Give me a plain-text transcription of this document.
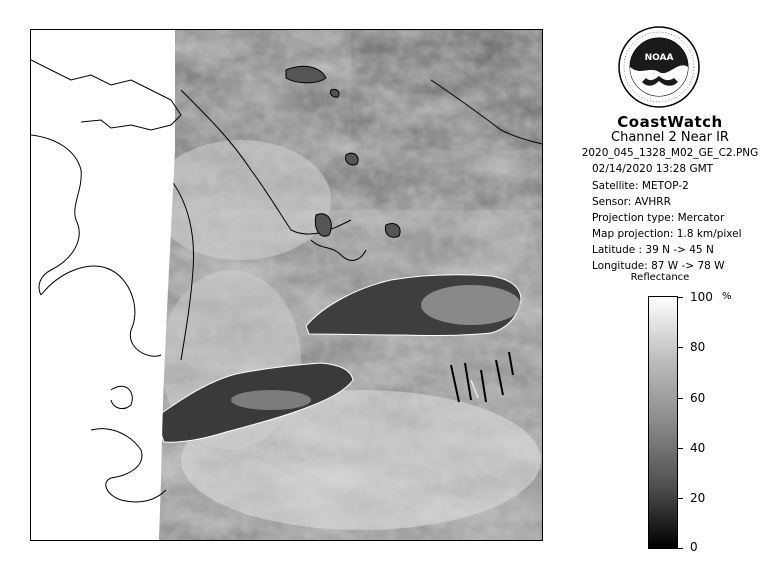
NOAA
CoastWatch
Channel 2 Near IR
2020_045_1328_M02_GE_C2.PNG
02/14/2020 13:28 GMT
Satellite: METOP-2
Sensor: AVHRR
Projection type: Mercator
Map projection: 1.8 km/pixel
Latitude : 39 N -> 45 N
Longitude: 87 W -> 78 W
Reflectance
%
100
80
60
40
20
0
